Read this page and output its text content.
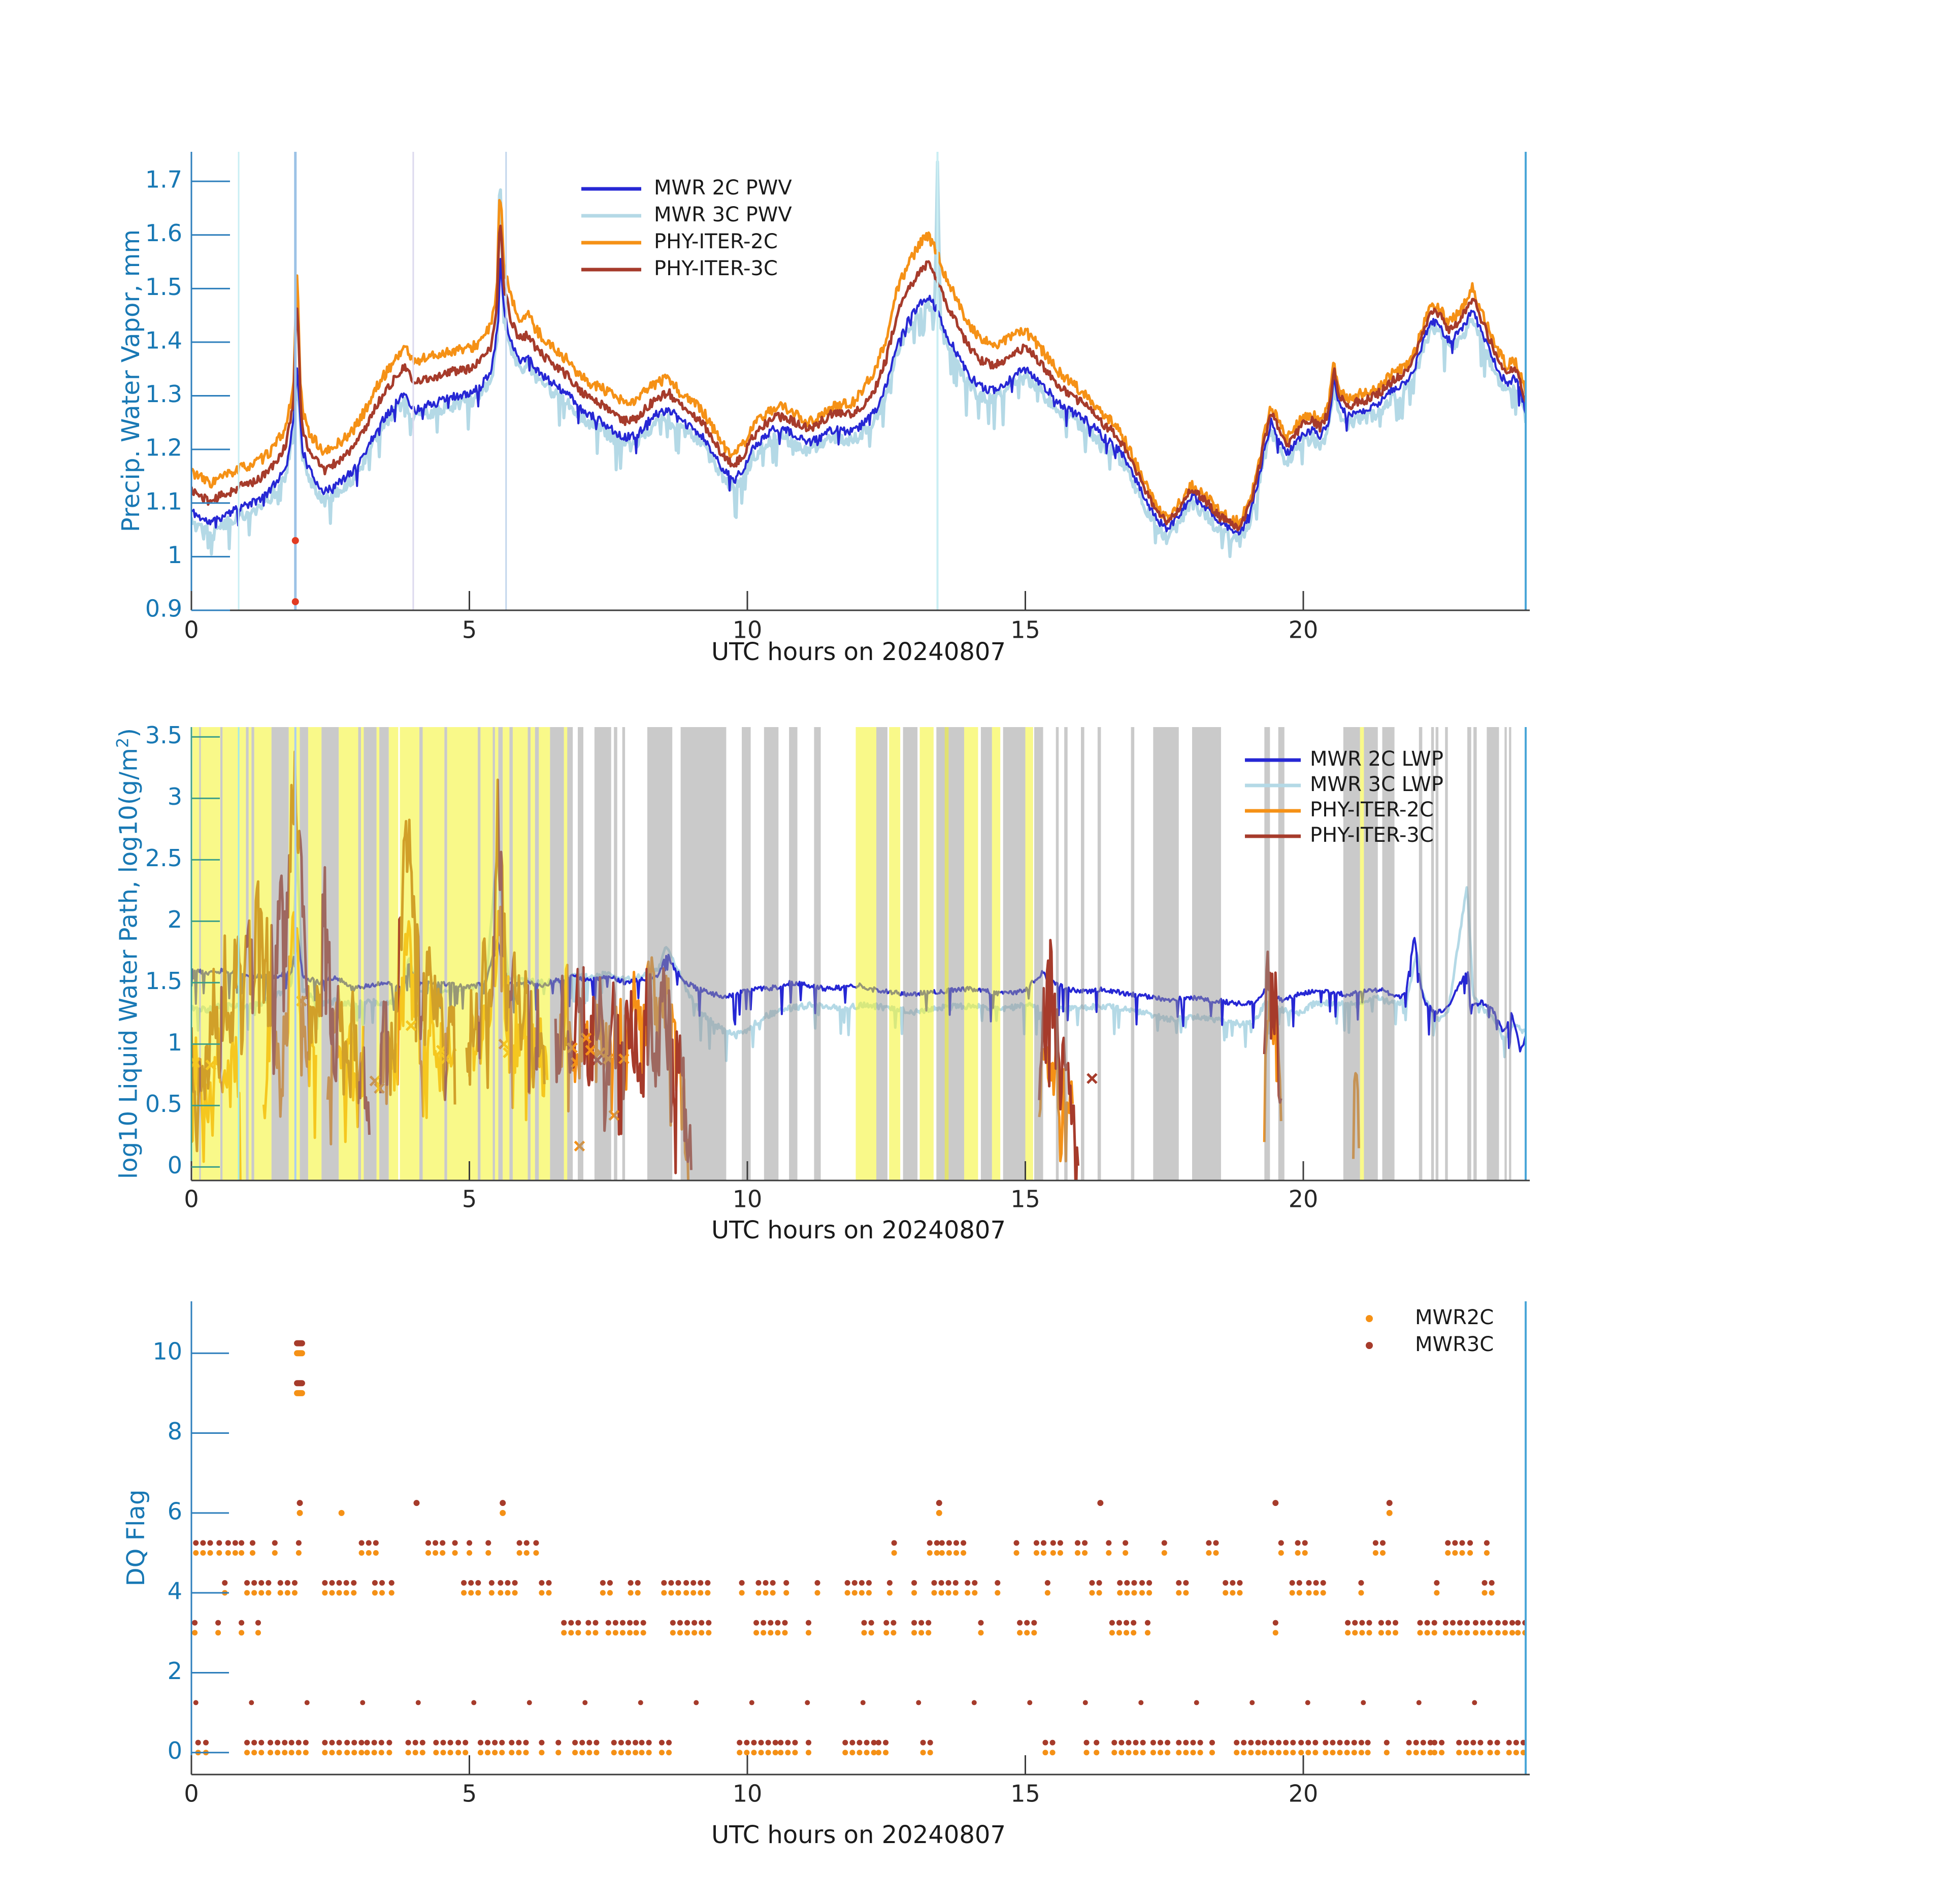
0	5	10	15	20
0.9
1
1.1
1.2
1.3
1.4
1.5
1.6
1.7	MWR 2C PWV
MWR 3C PWV
PHY-ITER-2C
PHY-ITER-3C
0	5	10	15	20
0
0.5
1
1.5
2
2.5
3
3.5
MWR 2C LWP
MWR 3C LWP
PHY-ITER-2C
PHY-ITER-3C
0	5	10	15	20
0
2
4
6
8
10
MWR2C
MWR3C
Precip. Water Vapor, mm
UTC hours on 20240807
log10 Liquid Water Path, $\log 10(g/m^2)$
UTC hours on 20240807
DQ Flag
UTC hours on 20240807
